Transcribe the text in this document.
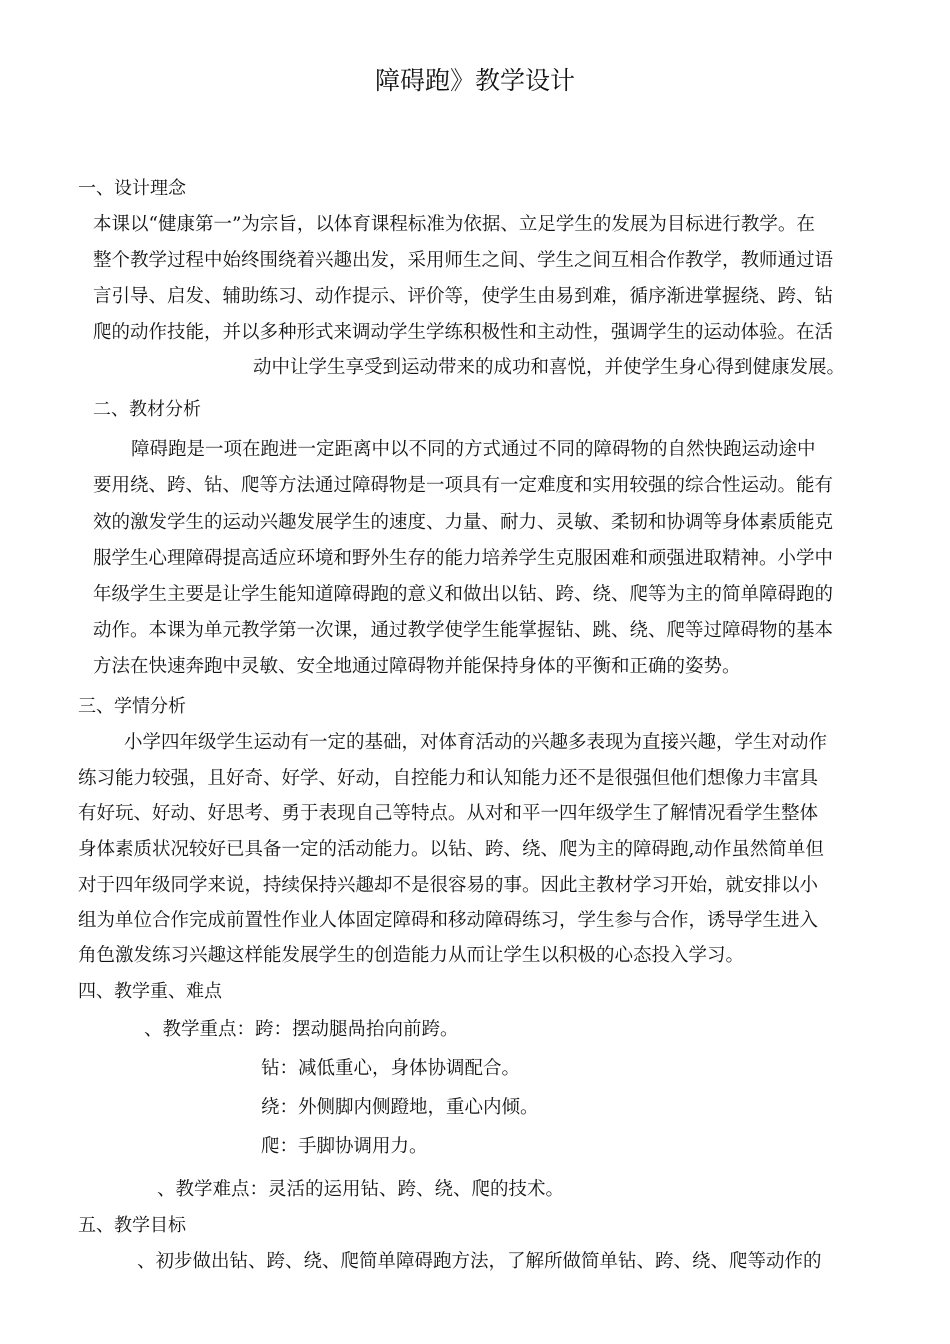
障碍跑》教学设计
一、设计理念
本课以“健康第一”为宗旨，以体育课程标准为依据、立足学生的发展为目标进行教学。在
整个教学过程中始终围绕着兴趣出发，采用师生之间、学生之间互相合作教学，教师通过语
言引导、启发、辅助练习、动作提示、评价等，使学生由易到难，循序渐进掌握绕、跨、钻
爬的动作技能，并以多种形式来调动学生学练积极性和主动性，强调学生的运动体验。在活
动中让学生享受到运动带来的成功和喜悦，并使学生身心得到健康发展。
二、教材分析
障碍跑是一项在跑进一定距离中以不同的方式通过不同的障碍物的自然快跑运动途中
要用绕、跨、钻、爬等方法通过障碍物是一项具有一定难度和实用较强的综合性运动。能有
效的激发学生的运动兴趣发展学生的速度、力量、耐力、灵敏、柔韧和协调等身体素质能克
服学生心理障碍提高适应环境和野外生存的能力培养学生克服困难和顽强进取精神。小学中
年级学生主要是让学生能知道障碍跑的意义和做出以钻、跨、绕、爬等为主的简单障碍跑的
动作。本课为单元教学第一次课，通过教学使学生能掌握钻、跳、绕、爬等过障碍物的基本
方法在快速奔跑中灵敏、安全地通过障碍物并能保持身体的平衡和正确的姿势。
三、学情分析
小学四年级学生运动有一定的基础，对体育活动的兴趣多表现为直接兴趣，学生对动作
练习能力较强，且好奇、好学、好动，自控能力和认知能力还不是很强但他们想像力丰富具
有好玩、好动、好思考、勇于表现自己等特点。从对和平一四年级学生了解情况看学生整体
身体素质状况较好已具备一定的活动能力。以钻、跨、绕、爬为主的障碍跑,动作虽然简单但
对于四年级同学来说，持续保持兴趣却不是很容易的事。因此主教材学习开始，就安排以小
组为单位合作完成前置性作业人体固定障碍和移动障碍练习，学生参与合作，诱导学生进入
角色激发练习兴趣这样能发展学生的创造能力从而让学生以积极的心态投入学习。
四、教学重、难点
、教学重点：跨：摆动腿咼抬向前跨。
钻：减低重心，身体协调配合。
绕：外侧脚内侧蹬地，重心内倾。
爬：手脚协调用力。
、教学难点：灵活的运用钻、跨、绕、爬的技术。
五、教学目标
、初步做出钻、跨、绕、爬简单障碍跑方法，了解所做简单钻、跨、绕、爬等动作的
